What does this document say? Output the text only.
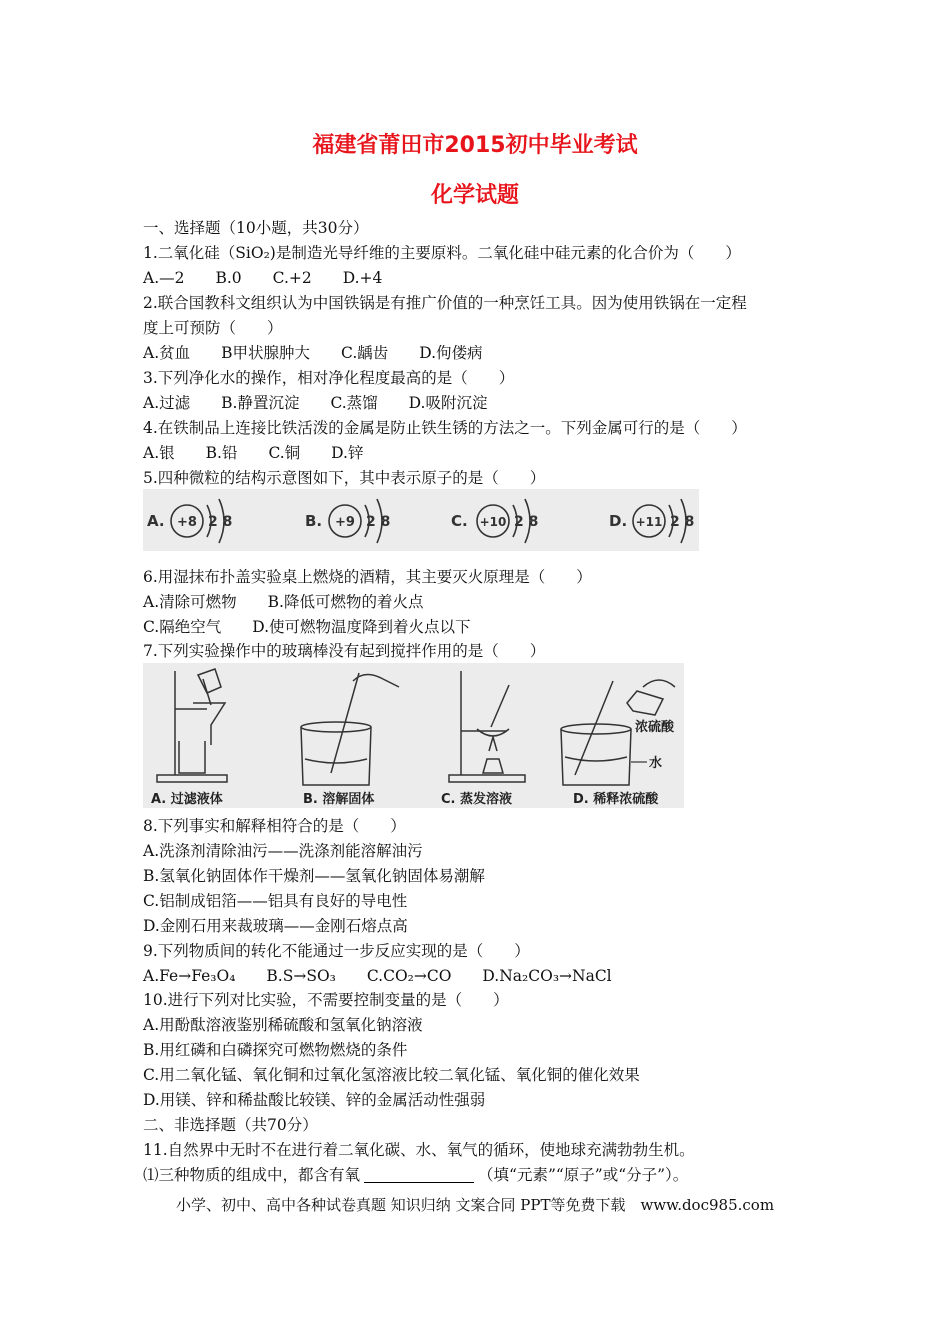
福建省莆田市2015初中毕业考试
化学试题
一、选择题（10小题，共30分）
1.二氧化硅（SiO₂)是制造光导纤维的主要原料。二氧化硅中硅元素的化合价为（　　）
A.—2　　B.0　　C.+2　　D.+4
2.联合国教科文组织认为中国铁锅是有推广价值的一种烹饪工具。因为使用铁锅在一定程
度上可预防（　　）
A.贫血　　B甲状腺肿大　　C.龋齿　　D.佝偻病
3.下列净化水的操作，相对净化程度最高的是（　　）
A.过滤　　B.静置沉淀　　C.蒸馏　　D.吸附沉淀
4.在铁制品上连接比铁活泼的金属是防止铁生锈的方法之一。下列金属可行的是（　　）
A.银　　B.铅　　C.铜　　D.锌
5.四种微粒的结构示意图如下，其中表示原子的是（　　）
A. +8 2 8	B. +9 2 8	C. +10 2 8	D. +11 2 8
6.用湿抹布扑盖实验桌上燃烧的酒精，其主要灭火原理是（　　）
A.清除可燃物　　B.降低可燃物的着火点
C.隔绝空气　　D.使可燃物温度降到着火点以下
7.下列实验操作中的玻璃棒没有起到搅拌作用的是（　　）
A. 过滤液体	B. 溶解固体	C. 蒸发溶液	D. 稀释浓硫酸
浓硫酸
水
8.下列事实和解释相符合的是（　　）
A.洗涤剂清除油污——洗涤剂能溶解油污
B.氢氧化钠固体作干燥剂——氢氧化钠固体易潮解
C.铝制成铝箔——铝具有良好的导电性
D.金刚石用来裁玻璃——金刚石熔点高
9.下列物质间的转化不能通过一步反应实现的是（　　）
A.Fe→Fe₃O₄　　B.S→SO₃　　C.CO₂→CO　　D.Na₂CO₃→NaCl
10.进行下列对比实验，不需要控制变量的是（　　）
A.用酚酞溶液鉴别稀硫酸和氢氧化钠溶液
B.用红磷和白磷探究可燃物燃烧的条件
C.用二氧化锰、氧化铜和过氧化氢溶液比较二氧化锰、氧化铜的催化效果
D.用镁、锌和稀盐酸比较镁、锌的金属活动性强弱
二、非选择题（共70分）
11.自然界中无时不在进行着二氧化碳、水、氧气的循环，使地球充满勃勃生机。
⑴三种物质的组成中，都含有氧	（填“元素”“原子”或“分子”）。
小学、初中、高中各种试卷真题 知识归纳 文案合同 PPT等免费下载　www.doc985.com
